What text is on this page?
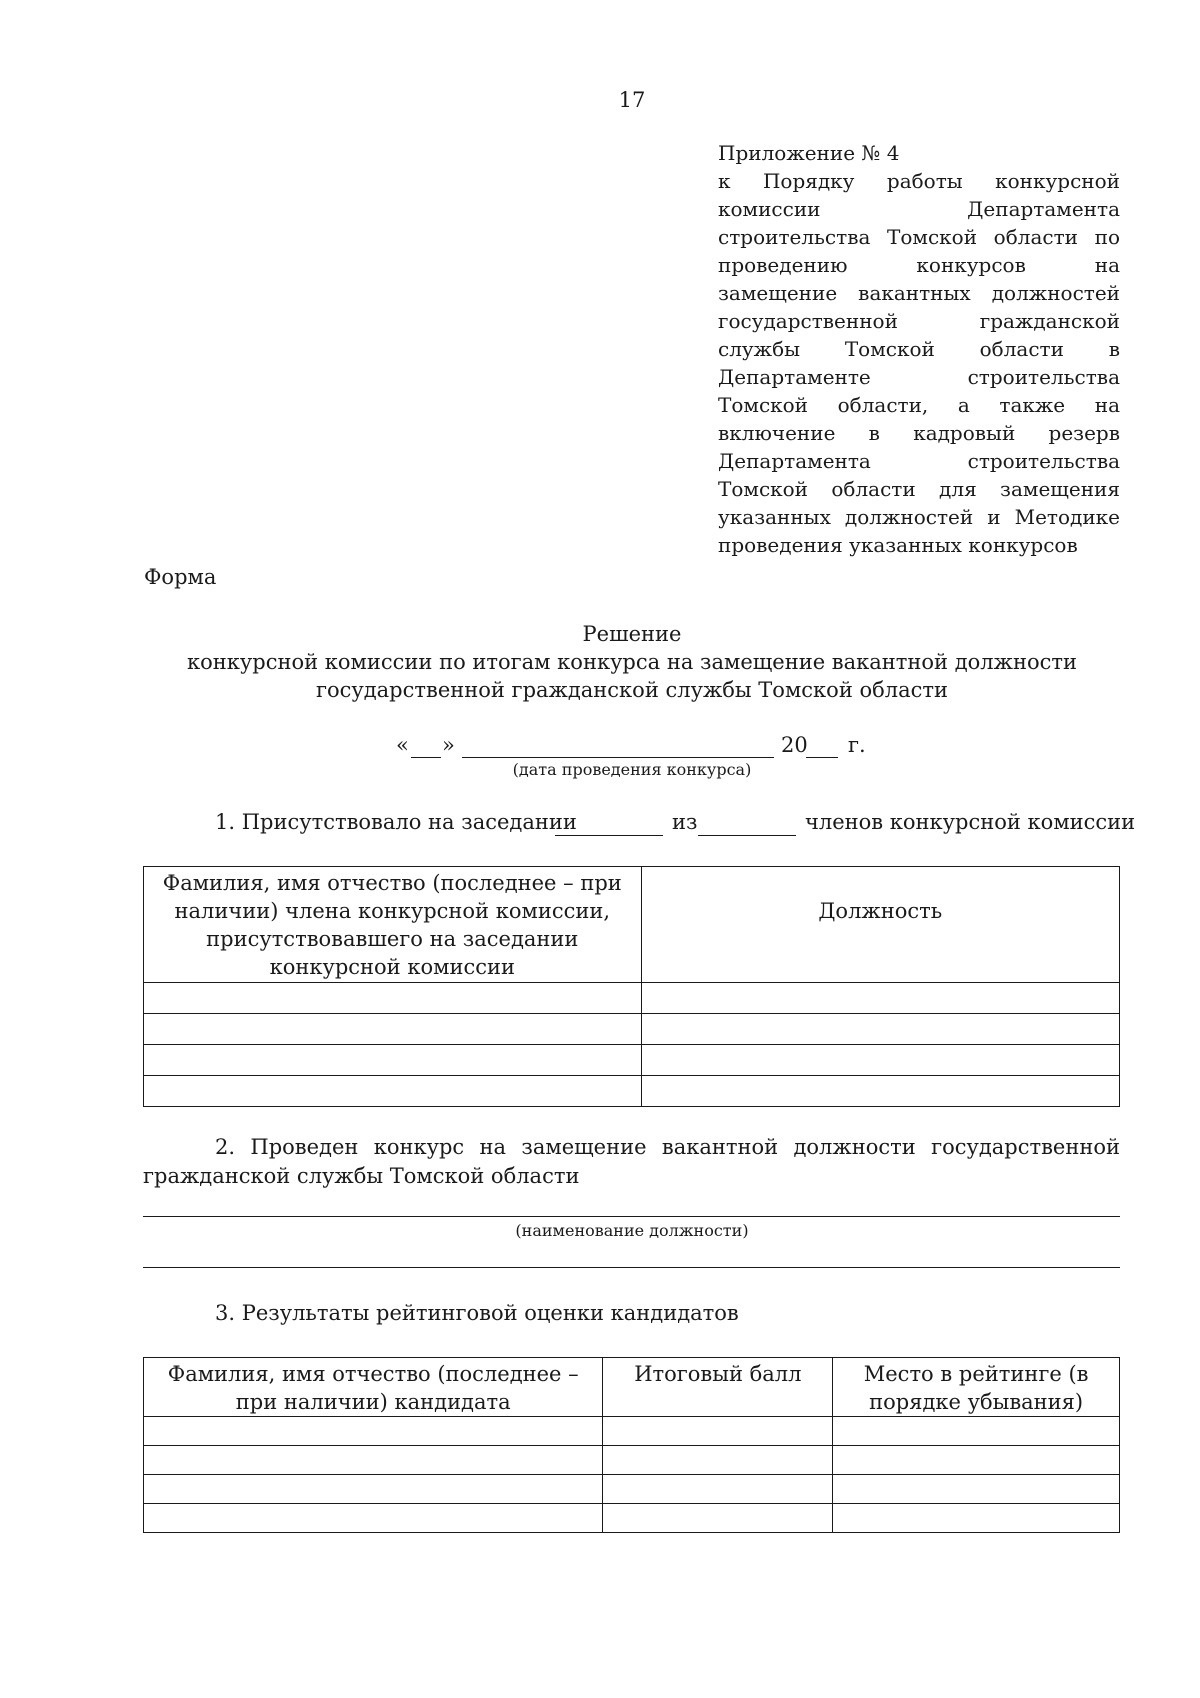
17
Приложение № 4
к Порядку работы конкурсной комиссии Департамента строительства Томской области по проведению конкурсов на замещение вакантных должностей государственной гражданской службы Томской области в Департаменте строительства Томской области, а также на включение в кадровый резерв Департамента строительства Томской области для замещения указанных должностей и Методике проведения указанных конкурсов
Форма
Решение
конкурсной комиссии по итогам конкурса на замещение вакантной должности
государственной гражданской службы Томской области
« »	20 г.
(дата проведения конкурса)
1. Присутствовало на заседании	из	членов конкурсной комиссии
Фамилия, имя отчество (последнее – при наличии) члена конкурсной комиссии, присутствовавшего на заседании конкурсной комиссии	Должность

2. Проведен конкурс на замещение вакантной должности государственной гражданской службы Томской области
(наименование должности)
3. Результаты рейтинговой оценки кандидатов
Фамилия, имя отчество (последнее – при наличии) кандидата	Итоговый балл	Место в рейтинге (в порядке убывания)
